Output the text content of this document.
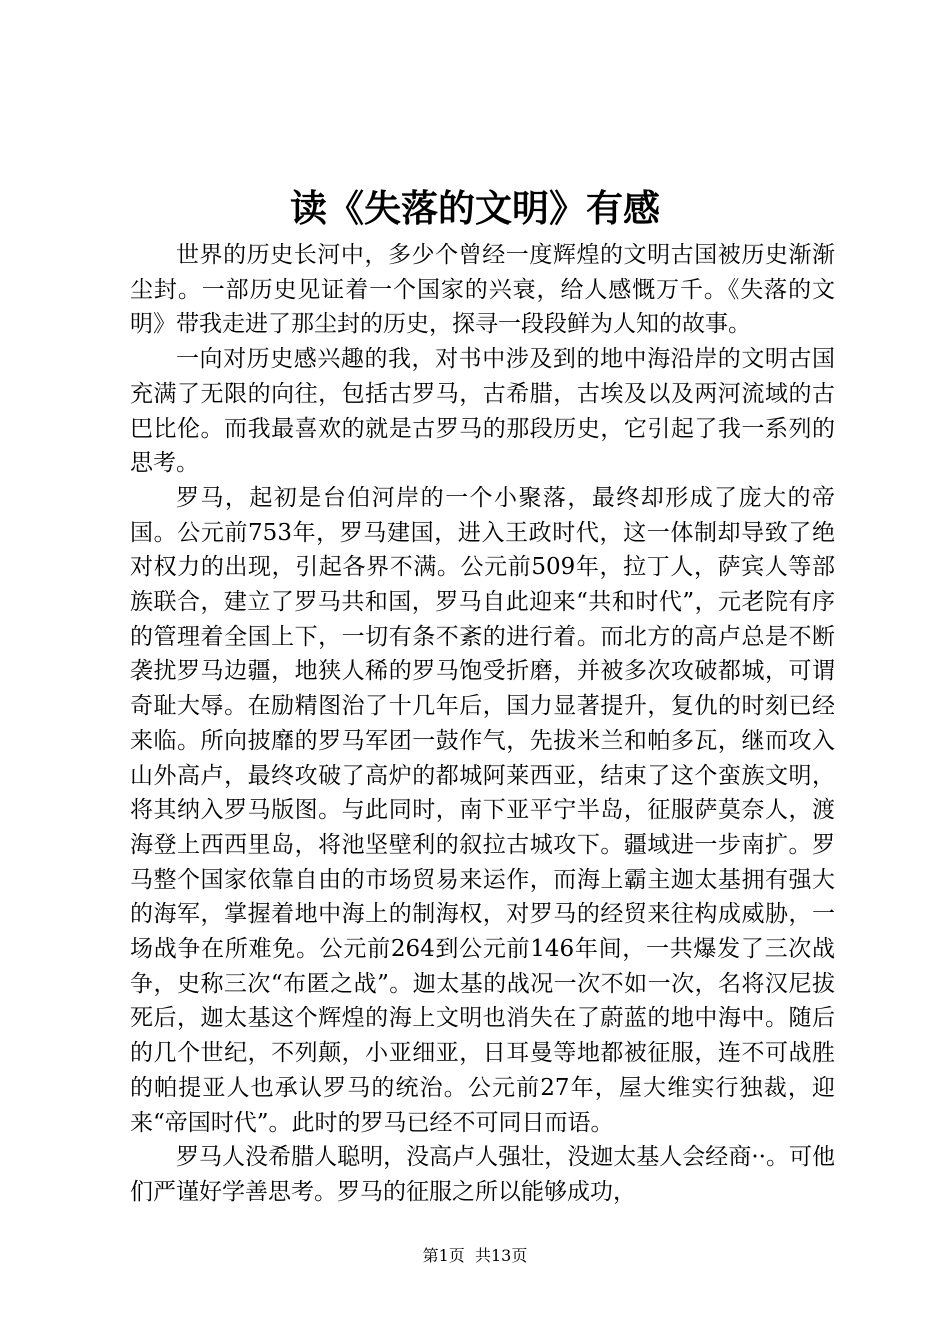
读《失落的文明》有感

世界的历史长河中，多少个曾经一度辉煌的文明古国被历史渐渐尘封。一部历史见证着一个国家的兴衰，给人感慨万千。《失落的文明》带我走进了那尘封的历史，探寻一段段鲜为人知的故事。

一向对历史感兴趣的我，对书中涉及到的地中海沿岸的文明古国充满了无限的向往，包括古罗马，古希腊，古埃及以及两河流域的古巴比伦。而我最喜欢的就是古罗马的那段历史，它引起了我一系列的思考。

罗马，起初是台伯河岸的一个小聚落，最终却形成了庞大的帝国。公元前753年，罗马建国，进入王政时代，这一体制却导致了绝对权力的出现，引起各界不满。公元前509年，拉丁人，萨宾人等部族联合，建立了罗马共和国，罗马自此迎来“共和时代”，元老院有序的管理着全国上下，一切有条不紊的进行着。而北方的高卢总是不断袭扰罗马边疆，地狭人稀的罗马饱受折磨，并被多次攻破都城，可谓奇耻大辱。在励精图治了十几年后，国力显著提升，复仇的时刻已经来临。所向披靡的罗马军团一鼓作气，先拔米兰和帕多瓦，继而攻入山外高卢，最终攻破了高炉的都城阿莱西亚，结束了这个蛮族文明，将其纳入罗马版图。与此同时，南下亚平宁半岛，征服萨莫奈人，渡海登上西西里岛，将池坚壁利的叙拉古城攻下。疆域进一步南扩。罗马整个国家依靠自由的市场贸易来运作，而海上霸主迦太基拥有强大的海军，掌握着地中海上的制海权，对罗马的经贸来往构成威胁，一场战争在所难免。公元前264到公元前146年间，一共爆发了三次战争，史称三次“布匿之战”。迦太基的战况一次不如一次，名将汉尼拔死后，迦太基这个辉煌的海上文明也消失在了蔚蓝的地中海中。随后的几个世纪，不列颠，小亚细亚，日耳曼等地都被征服，连不可战胜的帕提亚人也承认罗马的统治。公元前27年，屋大维实行独裁，迎来“帝国时代”。此时的罗马已经不可同日而语。

罗马人没希腊人聪明，没高卢人强壮，没迦太基人会经商··。可他们严谨好学善思考。罗马的征服之所以能够成功，

第1页 共13页
